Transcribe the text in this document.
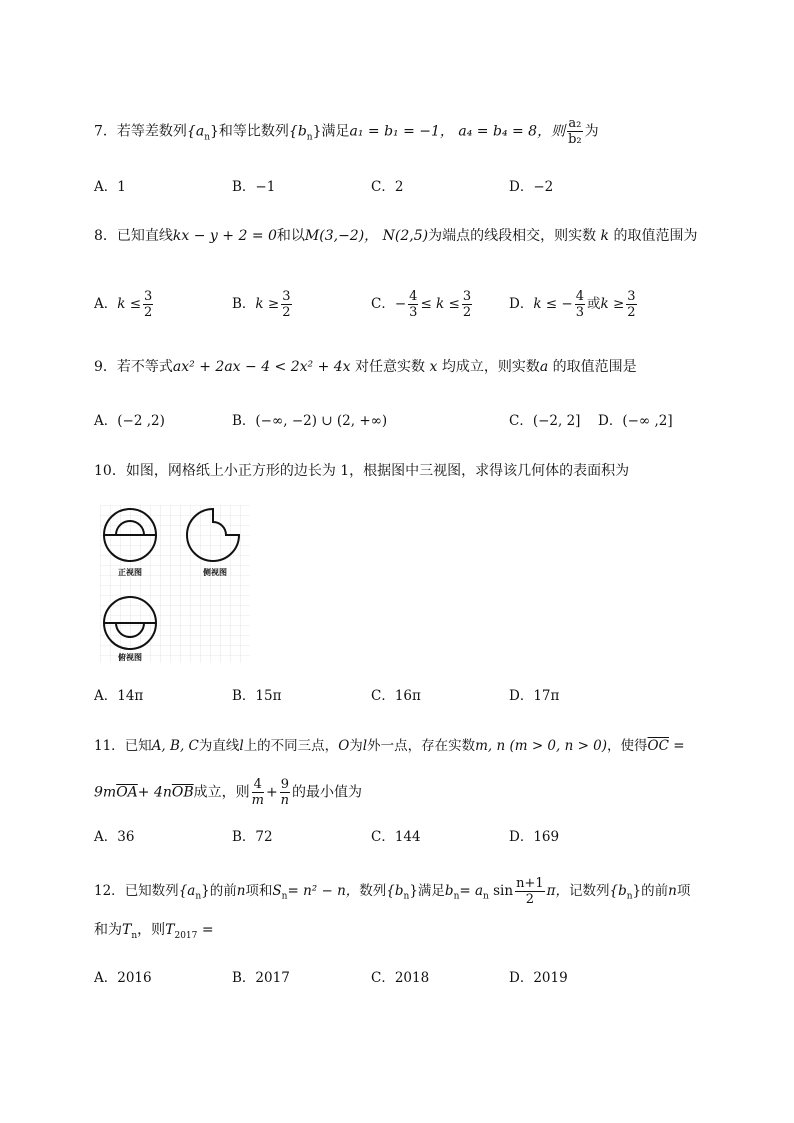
7．若等差数列$\{a_n\}$和等比数列$\{b_n\}$满足a₁ = b₁ = −1， a₄ = b₄ = 8，则 $\frac{\text{a₂}}{\text{b₂}}$ 为
A．1	B．−1	C．2	D．−2
8．已知直线kx − y + 2 = 0和以M(3,−2)， N(2,5)为端点的线段相交，则实数 k 的取值范围为
A．$k \le \frac{3}{2}$	B．$k \ge \frac{3}{2}$	C．− $\frac{4}{3} \le k \le \frac{3}{2}$	D．k ≤ − $\frac{4}{3}$ 或$k \ge \frac{3}{2}$
9．若不等式ax² + 2ax − 4 < 2x² + 4x 对任意实数 x 均成立，则实数a 的取值范围是
A．(−2 ,2)	B．(−∞, −2) ∪ (2, +∞)	C．(−2, 2] D．(−∞ ,2]
10．如图，网格纸上小正方形的边长为 1，根据图中三视图，求得该几何体的表面积为
正视图	侧视图
俯视图
A．14π	B．15π	C．16π	D．17π
11．已知A, B, C为直线l上的不同三点，O为l外一点，存在实数m, n (m > 0, n > 0)，使得$\overline{OC}$ =
$9m\overline{OA}+ 4n\overline{OB}$成立，则 $\frac{4}{m} + \frac{9}{n}$ 的最小值为
A．36	B．72	C．144	D．169
12．已知数列$\{a_n\}$的前n项和$S_n= n^2 - n$，数列$\{b_n\}$满足$b_n= a_n$ $\sin \frac{n+1}{2}$ π，记数列$\{b_n\}$的前n项
和为$T_n$，则$T_{2017}$ =
A．2016	B．2017	C．2018	D．2019
